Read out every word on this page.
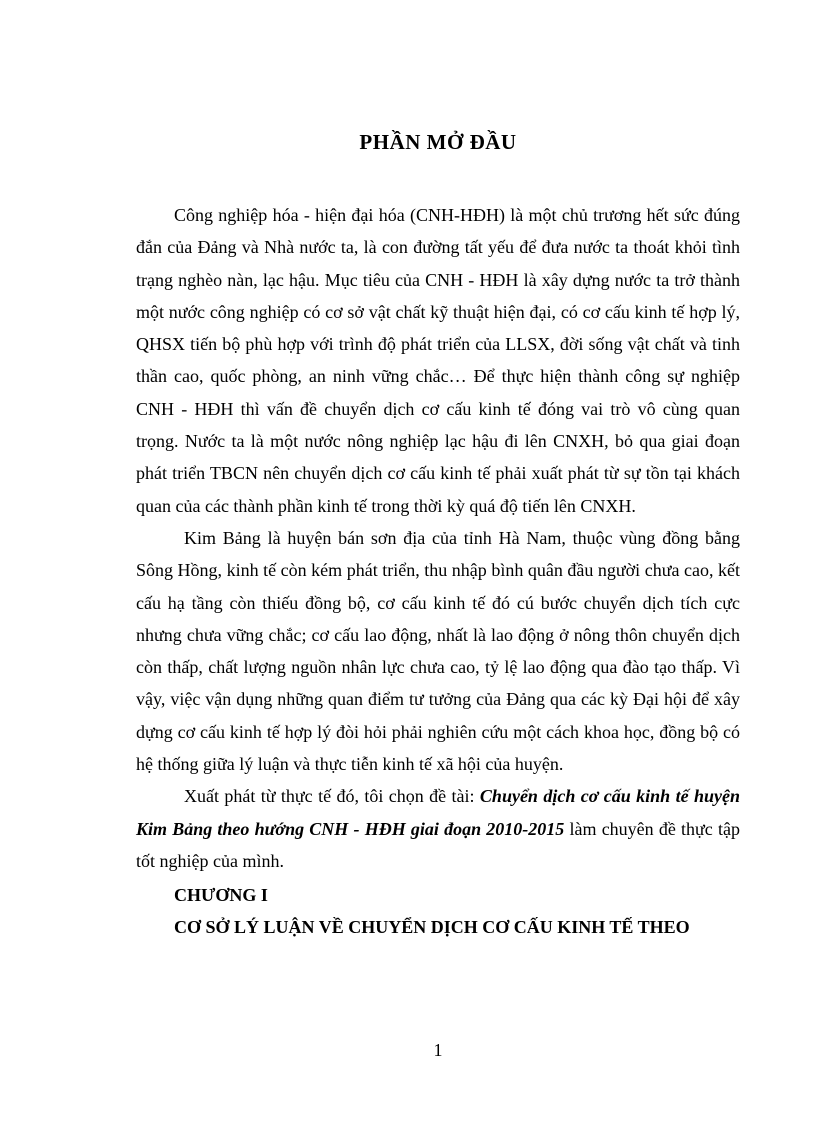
PHẦN MỞ ĐẦU

Công nghiệp hóa - hiện đại hóa (CNH-HĐH) là một chủ trương hết sức đúng đắn của Đảng và Nhà nước ta, là con đường tất yếu để đưa nước ta thoát khỏi tình trạng nghèo nàn, lạc hậu. Mục tiêu của CNH - HĐH là xây dựng nước ta trở thành một nước công nghiệp có cơ sở vật chất kỹ thuật hiện đại, có cơ cấu kinh tế hợp lý, QHSX tiến bộ phù hợp với trình độ phát triển của LLSX, đời sống vật chất và tinh thần cao, quốc phòng, an ninh vững chắc… Để thực hiện thành công sự nghiệp CNH - HĐH thì vấn đề chuyển dịch cơ cấu kinh tế đóng vai trò vô cùng quan trọng. Nước ta là một nước nông nghiệp lạc hậu đi lên CNXH, bỏ qua giai đoạn phát triển TBCN nên chuyển dịch cơ cấu kinh tế phải xuất phát từ sự tồn tại khách quan của các thành phần kinh tế trong thời kỳ quá độ tiến lên CNXH.

Kim Bảng là huyện bán sơn địa của tỉnh Hà Nam, thuộc vùng đồng bằng Sông Hồng, kinh tế còn kém phát triển, thu nhập bình quân đầu người chưa cao, kết cấu hạ tầng còn thiếu đồng bộ, cơ cấu kinh tế đó cú bước chuyển dịch tích cực nhưng chưa vững chắc; cơ cấu lao động, nhất là lao động ở nông thôn chuyển dịch còn thấp, chất lượng nguồn nhân lực chưa cao, tỷ lệ lao động qua đào tạo thấp. Vì vậy, việc vận dụng những quan điểm tư tưởng của Đảng qua các kỳ Đại hội để xây dựng cơ cấu kinh tế hợp lý đòi hỏi phải nghiên cứu một cách khoa học, đồng bộ có hệ thống giữa lý luận và thực tiễn kinh tế xã hội của huyện.

Xuất phát từ thực tế đó, tôi chọn đề tài: Chuyển dịch cơ cấu kinh tế huyện Kim Bảng theo hướng CNH - HĐH giai đoạn 2010-2015 làm chuyên đề thực tập tốt nghiệp của mình.

CHƯƠNG I

CƠ SỞ LÝ LUẬN VỀ CHUYỂN DỊCH CƠ CẤU KINH TẾ THEO

1
